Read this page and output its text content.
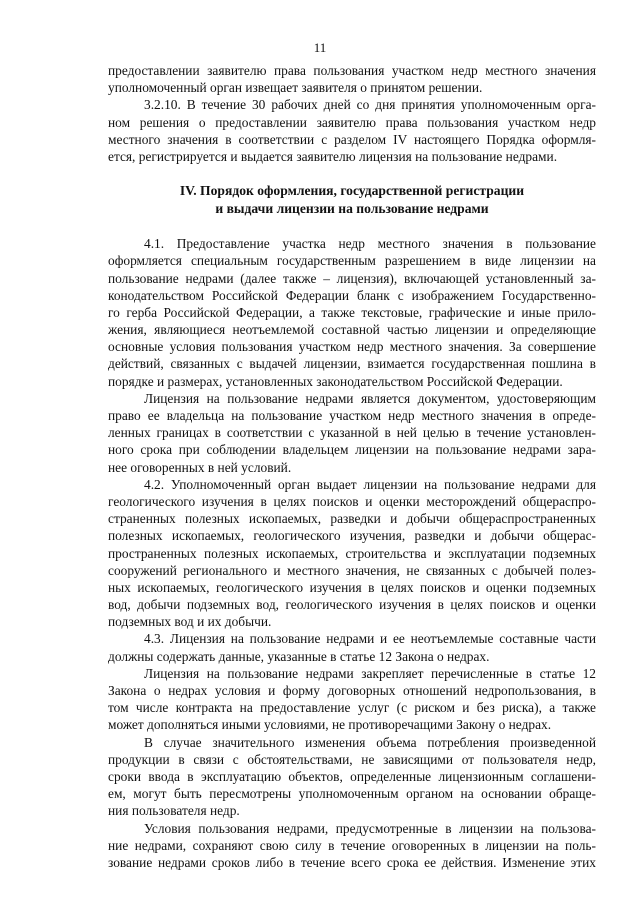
11
предоставлении заявителю права пользования участком недр местного значения
уполномоченный орган извещает заявителя о принятом решении.
3.2.10. В течение 30 рабочих дней со дня принятия уполномоченным орга-
ном решения о предоставлении заявителю права пользования участком недр
местного значения в соответствии с разделом IV настоящего Порядка оформля-
ется, регистрируется и выдается заявителю лицензия на пользование недрами.
IV. Порядок оформления, государственной регистрации
и выдачи лицензии на пользование недрами
4.1. Предоставление участка недр местного значения в пользование
оформляется специальным государственным разрешением в виде лицензии на
пользование недрами (далее также – лицензия), включающей установленный за-
конодательством Российской Федерации бланк с изображением Государственно-
го герба Российской Федерации, а также текстовые, графические и иные прило-
жения, являющиеся неотъемлемой составной частью лицензии и определяющие
основные условия пользования участком недр местного значения. За совершение
действий, связанных с выдачей лицензии, взимается государственная пошлина в
порядке и размерах, установленных законодательством Российской Федерации.
Лицензия на пользование недрами является документом, удостоверяющим
право ее владельца на пользование участком недр местного значения в опреде-
ленных границах в соответствии с указанной в ней целью в течение установлен-
ного срока при соблюдении владельцем лицензии на пользование недрами зара-
нее оговоренных в ней условий.
4.2. Уполномоченный орган выдает лицензии на пользование недрами для
геологического изучения в целях поисков и оценки месторождений общераспро-
страненных полезных ископаемых, разведки и добычи общераспространенных
полезных ископаемых, геологического изучения, разведки и добычи общерас-
пространенных полезных ископаемых, строительства и эксплуатации подземных
сооружений регионального и местного значения, не связанных с добычей полез-
ных ископаемых, геологического изучения в целях поисков и оценки подземных
вод, добычи подземных вод, геологического изучения в целях поисков и оценки
подземных вод и их добычи.
4.3. Лицензия на пользование недрами и ее неотъемлемые составные части
должны содержать данные, указанные в статье 12 Закона о недрах.
Лицензия на пользование недрами закрепляет перечисленные в статье 12
Закона о недрах условия и форму договорных отношений недропользования, в
том числе контракта на предоставление услуг (с риском и без риска), а также
может дополняться иными условиями, не противоречащими Закону о недрах.
В случае значительного изменения объема потребления произведенной
продукции в связи с обстоятельствами, не зависящими от пользователя недр,
сроки ввода в эксплуатацию объектов, определенные лицензионным соглашени-
ем, могут быть пересмотрены уполномоченным органом на основании обраще-
ния пользователя недр.
Условия пользования недрами, предусмотренные в лицензии на пользова-
ние недрами, сохраняют свою силу в течение оговоренных в лицензии на поль-
зование недрами сроков либо в течение всего срока ее действия. Изменение этих
